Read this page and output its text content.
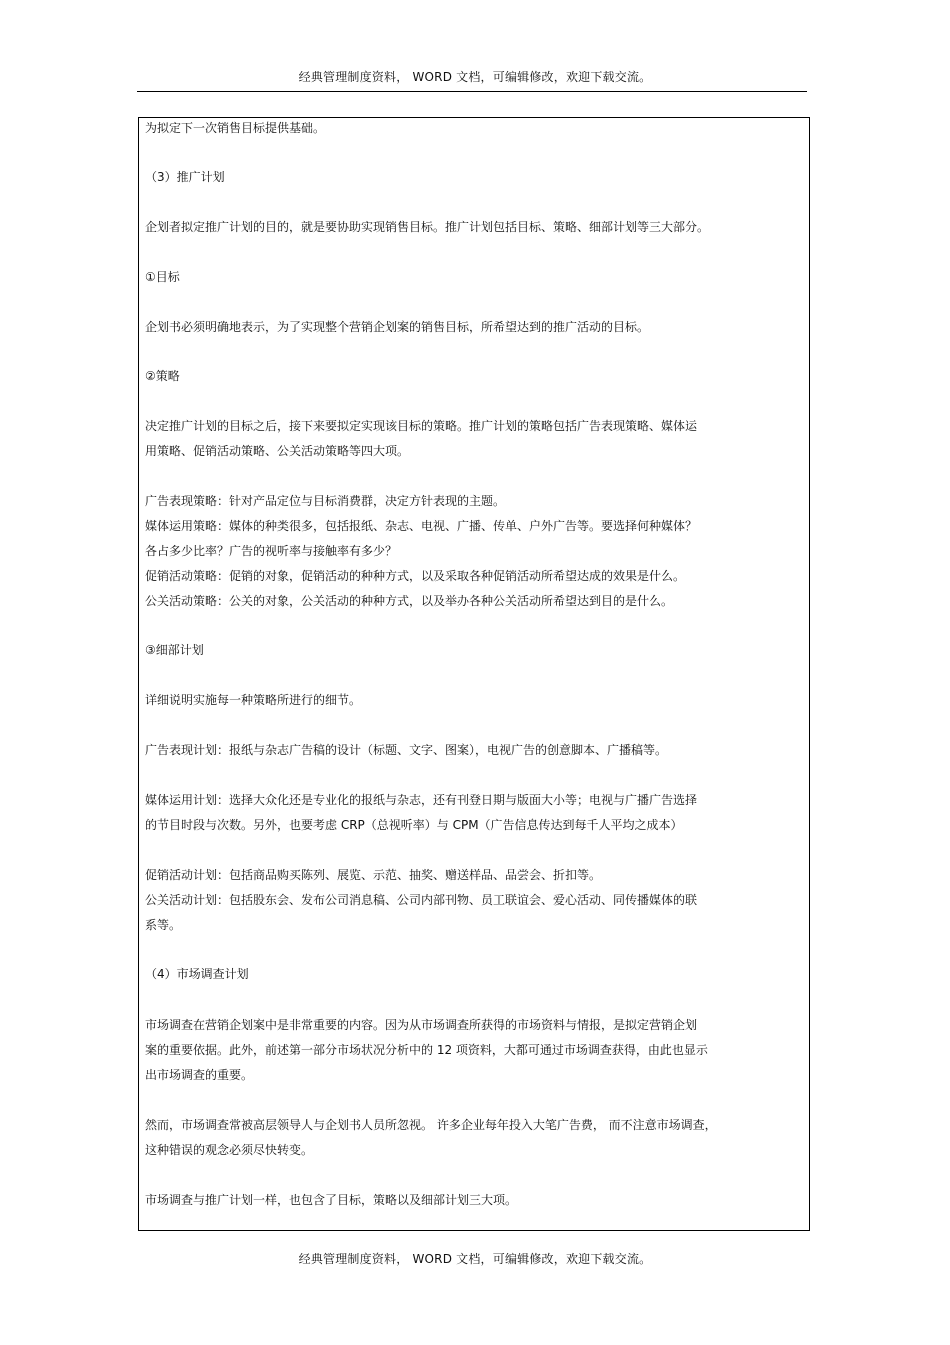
经典管理制度资料， WORD 文档，可编辑修改，欢迎下载交流。
为拟定下一次销售目标提供基础。
（3）推广计划
企划者拟定推广计划的目的，就是要协助实现销售目标。推广计划包括目标、策略、细部计划等三大部分。
①目标
企划书必须明确地表示，为了实现整个营销企划案的销售目标，所希望达到的推广活动的目标。
②策略
决定推广计划的目标之后，接下来要拟定实现该目标的策略。推广计划的策略包括广告表现策略、媒体运
用策略、促销活动策略、公关活动策略等四大项。
广告表现策略：针对产品定位与目标消费群，决定方针表现的主题。
媒体运用策略：媒体的种类很多，包括报纸、杂志、电视、广播、传单、户外广告等。要选择何种媒体？
各占多少比率？广告的视听率与接触率有多少？
促销活动策略：促销的对象，促销活动的种种方式，以及采取各种促销活动所希望达成的效果是什么。
公关活动策略：公关的对象，公关活动的种种方式，以及举办各种公关活动所希望达到目的是什么。
③细部计划
详细说明实施每一种策略所进行的细节。
广告表现计划：报纸与杂志广告稿的设计（标题、文字、图案），电视广告的创意脚本、广播稿等。
媒体运用计划：选择大众化还是专业化的报纸与杂志，还有刊登日期与版面大小等；电视与广播广告选择
的节目时段与次数。另外，也要考虑 CRP（总视听率）与 CPM（广告信息传达到每千人平均之成本）
促销活动计划：包括商品购买陈列、展览、示范、抽奖、赠送样品、品尝会、折扣等。
公关活动计划：包括股东会、发布公司消息稿、公司内部刊物、员工联谊会、爱心活动、同传播媒体的联
系等。
（4）市场调查计划
市场调查在营销企划案中是非常重要的内容。因为从市场调查所获得的市场资料与情报，是拟定营销企划
案的重要依据。此外，前述第一部分市场状况分析中的 12 项资料，大都可通过市场调查获得，由此也显示
出市场调查的重要。
然而，市场调查常被高层领导人与企划书人员所忽视。 许多企业每年投入大笔广告费， 而不注意市场调查，
这种错误的观念必须尽快转变。
市场调查与推广计划一样，也包含了目标，策略以及细部计划三大项。
经典管理制度资料， WORD 文档，可编辑修改，欢迎下载交流。
